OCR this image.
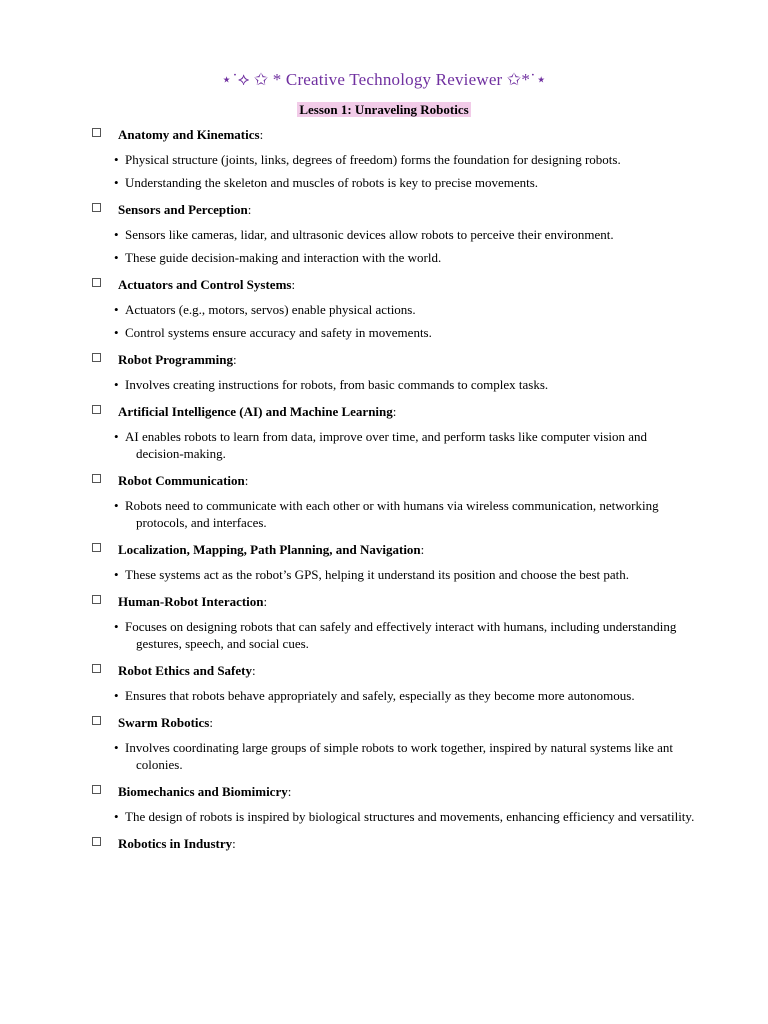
⋆˙⟡ ✩ * Creative Technology Reviewer ✩*˙⋆
Lesson 1: Unraveling Robotics
Anatomy and Kinematics:
• Physical structure (joints, links, degrees of freedom) forms the foundation for designing robots.
• Understanding the skeleton and muscles of robots is key to precise movements.
Sensors and Perception:
• Sensors like cameras, lidar, and ultrasonic devices allow robots to perceive their environment.
• These guide decision-making and interaction with the world.
Actuators and Control Systems:
• Actuators (e.g., motors, servos) enable physical actions.
• Control systems ensure accuracy and safety in movements.
Robot Programming:
• Involves creating instructions for robots, from basic commands to complex tasks.
Artificial Intelligence (AI) and Machine Learning:
• AI enables robots to learn from data, improve over time, and perform tasks like computer vision and decision-making.
Robot Communication:
• Robots need to communicate with each other or with humans via wireless communication, networking protocols, and interfaces.
Localization, Mapping, Path Planning, and Navigation:
• These systems act as the robot’s GPS, helping it understand its position and choose the best path.
Human-Robot Interaction:
• Focuses on designing robots that can safely and effectively interact with humans, including understanding gestures, speech, and social cues.
Robot Ethics and Safety:
• Ensures that robots behave appropriately and safely, especially as they become more autonomous.
Swarm Robotics:
• Involves coordinating large groups of simple robots to work together, inspired by natural systems like ant colonies.
Biomechanics and Biomimicry:
• The design of robots is inspired by biological structures and movements, enhancing efficiency and versatility.
Robotics in Industry:
